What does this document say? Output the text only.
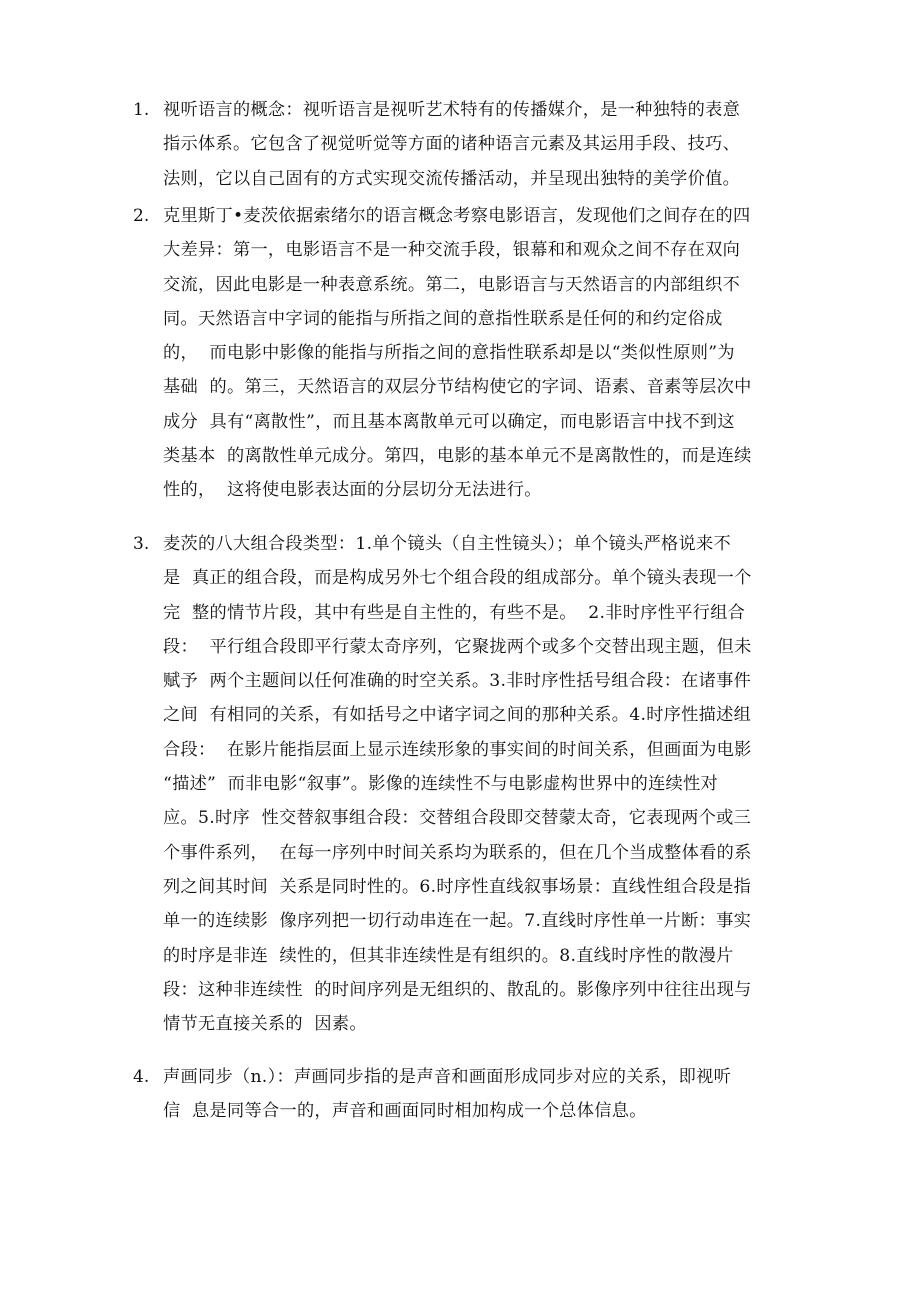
1. 视听语言的概念：视听语言是视听艺术特有的传播媒介，是一种独特的表意
指示体系。它包含了视觉听觉等方面的诸种语言元素及其运用手段、技巧、
法则，它以自己固有的方式实现交流传播活动，并呈现出独特的美学价值。
2. 克里斯丁•麦茨依据索绪尔的语言概念考察电影语言，发现他们之间存在的四
大差异：第一，电影语言不是一种交流手段，银幕和和观众之间不存在双向
交流，因此电影是一种表意系统。第二，电影语言与天然语言的内部组织不
同。天然语言中字词的能指与所指之间的意指性联系是任何的和约定俗成
的，  而电影中影像的能指与所指之间的意指性联系却是以“类似性原则”为
基础  的。第三，天然语言的双层分节结构使它的字词、语素、音素等层次中
成分  具有“离散性”，而且基本离散单元可以确定，而电影语言中找不到这
类基本  的离散性单元成分。第四，电影的基本单元不是离散性的，而是连续
性的，  这将使电影表达面的分层切分无法进行。
3. 麦茨的八大组合段类型：1.单个镜头（自主性镜头）；单个镜头严格说来不
是  真正的组合段，而是构成另外七个组合段的组成部分。单个镜头表现一个
完  整的情节片段，其中有些是自主性的，有些不是。  2.非时序性平行组合
段：  平行组合段即平行蒙太奇序列，它聚拢两个或多个交替出现主题，但未
赋予  两个主题间以任何准确的时空关系。3.非时序性括号组合段：在诸事件
之间  有相同的关系，有如括号之中诸字词之间的那种关系。4.时序性描述组
合段：  在影片能指层面上显示连续形象的事实间的时间关系，但画面为电影
“描述”  而非电影“叙事”。影像的连续性不与电影虚构世界中的连续性对
应。5.时序  性交替叙事组合段：交替组合段即交替蒙太奇，它表现两个或三
个事件系列，  在每一序列中时间关系均为联系的，但在几个当成整体看的系
列之间其时间  关系是同时性的。6.时序性直线叙事场景：直线性组合段是指
单一的连续影  像序列把一切行动串连在一起。7.直线时序性单一片断：事实
的时序是非连  续性的，但其非连续性是有组织的。8.直线时序性的散漫片
段：这种非连续性  的时间序列是无组织的、散乱的。影像序列中往往出现与
情节无直接关系的  因素。
4. 声画同步（n.）：声画同步指的是声音和画面形成同步对应的关系，即视听
信  息是同等合一的，声音和画面同时相加构成一个总体信息。
